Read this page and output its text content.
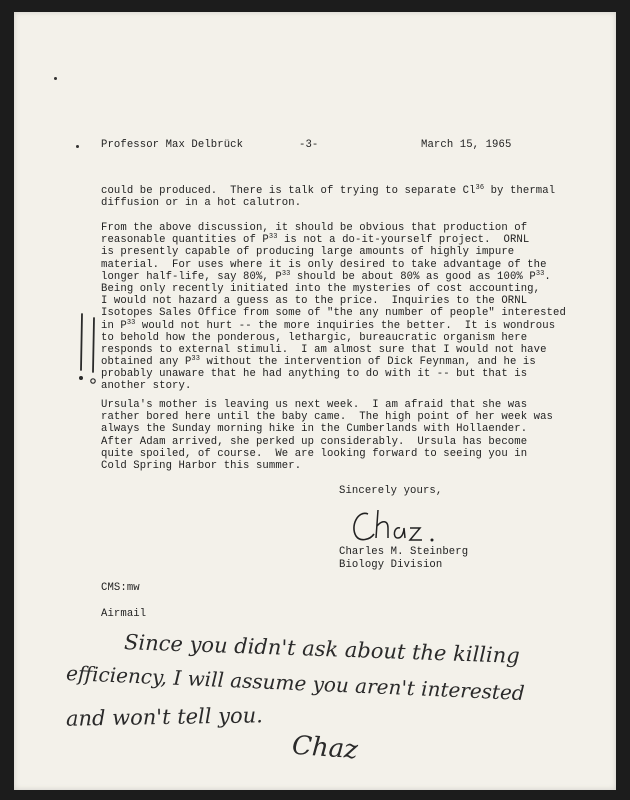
Professor Max Delbrück	-3-	March 15, 1965
could be produced.  There is talk of trying to separate Cl$^{36}$ by thermal
diffusion or in a hot calutron.
From the above discussion, it should be obvious that production of
reasonable quantities of $P^{33}$ is not a do-it-yourself project.  ORNL
is presently capable of producing large amounts of highly impure
material.  For uses where it is only desired to take advantage of the
longer half-life, say 80%, $P^{33}$ should be about 80% as good as 100% $P^{33}$.
Being only recently initiated into the mysteries of cost accounting,
I would not hazard a guess as to the price.  Inquiries to the ORNL
Isotopes Sales Office from some of "the any number of people" interested
in $P^{33}$ would not hurt -- the more inquiries the better.  It is wondrous
to behold how the ponderous, lethargic, bureaucratic organism here
responds to external stimuli.  I am almost sure that I would not have
obtained any $P^{33}$ without the intervention of Dick Feynman, and he is
probably unaware that he had anything to do with it -- but that is
another story.
Ursula's mother is leaving us next week.  I am afraid that she was
rather bored here until the baby came.  The high point of her week was
always the Sunday morning hike in the Cumberlands with Hollaender.
After Adam arrived, she perked up considerably.  Ursula has become
quite spoiled, of course.  We are looking forward to seeing you in
Cold Spring Harbor this summer.
Sincerely yours,
Charles M. Steinberg
Biology Division
CMS:mw
Airmail
Since you didn't ask about the killing
efficiency, I will assume you aren't interested
and won't tell you.
Chaz
